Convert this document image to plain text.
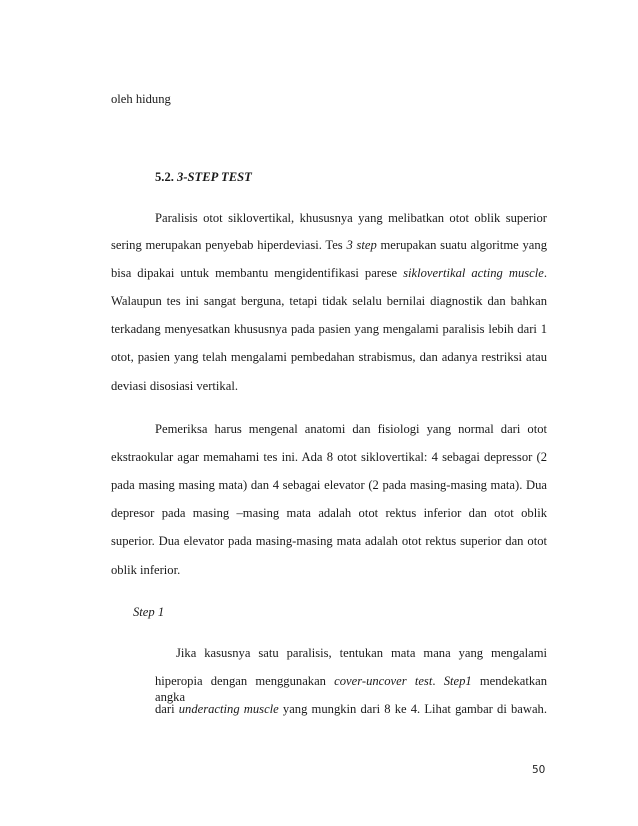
oleh hidung
5.2. 3-STEP TEST
Paralisis otot siklovertikal, khususnya yang melibatkan otot oblik superior
sering merupakan penyebab hiperdeviasi. Tes 3 step merupakan suatu algoritme yang
bisa dipakai untuk membantu mengidentifikasi parese siklovertikal acting muscle.
Walaupun tes ini sangat berguna, tetapi tidak selalu bernilai diagnostik dan bahkan
terkadang menyesatkan khususnya pada pasien yang mengalami paralisis lebih dari 1
otot, pasien yang telah mengalami pembedahan strabismus, dan adanya restriksi atau
deviasi disosiasi vertikal.
Pemeriksa harus mengenal anatomi dan fisiologi yang normal dari otot
ekstraokular agar memahami tes ini. Ada 8 otot siklovertikal: 4 sebagai depressor (2
pada masing masing mata) dan 4 sebagai elevator (2 pada masing-masing mata). Dua
depresor pada masing –masing mata adalah otot rektus inferior dan otot oblik
superior. Dua elevator pada masing-masing mata adalah otot rektus superior dan otot
oblik inferior.
Step 1
Jika kasusnya satu paralisis, tentukan mata mana yang mengalami
hiperopia dengan menggunakan cover-uncover test. Step1 mendekatkan angka
dari underacting muscle yang mungkin dari 8 ke 4. Lihat gambar di bawah.
50
